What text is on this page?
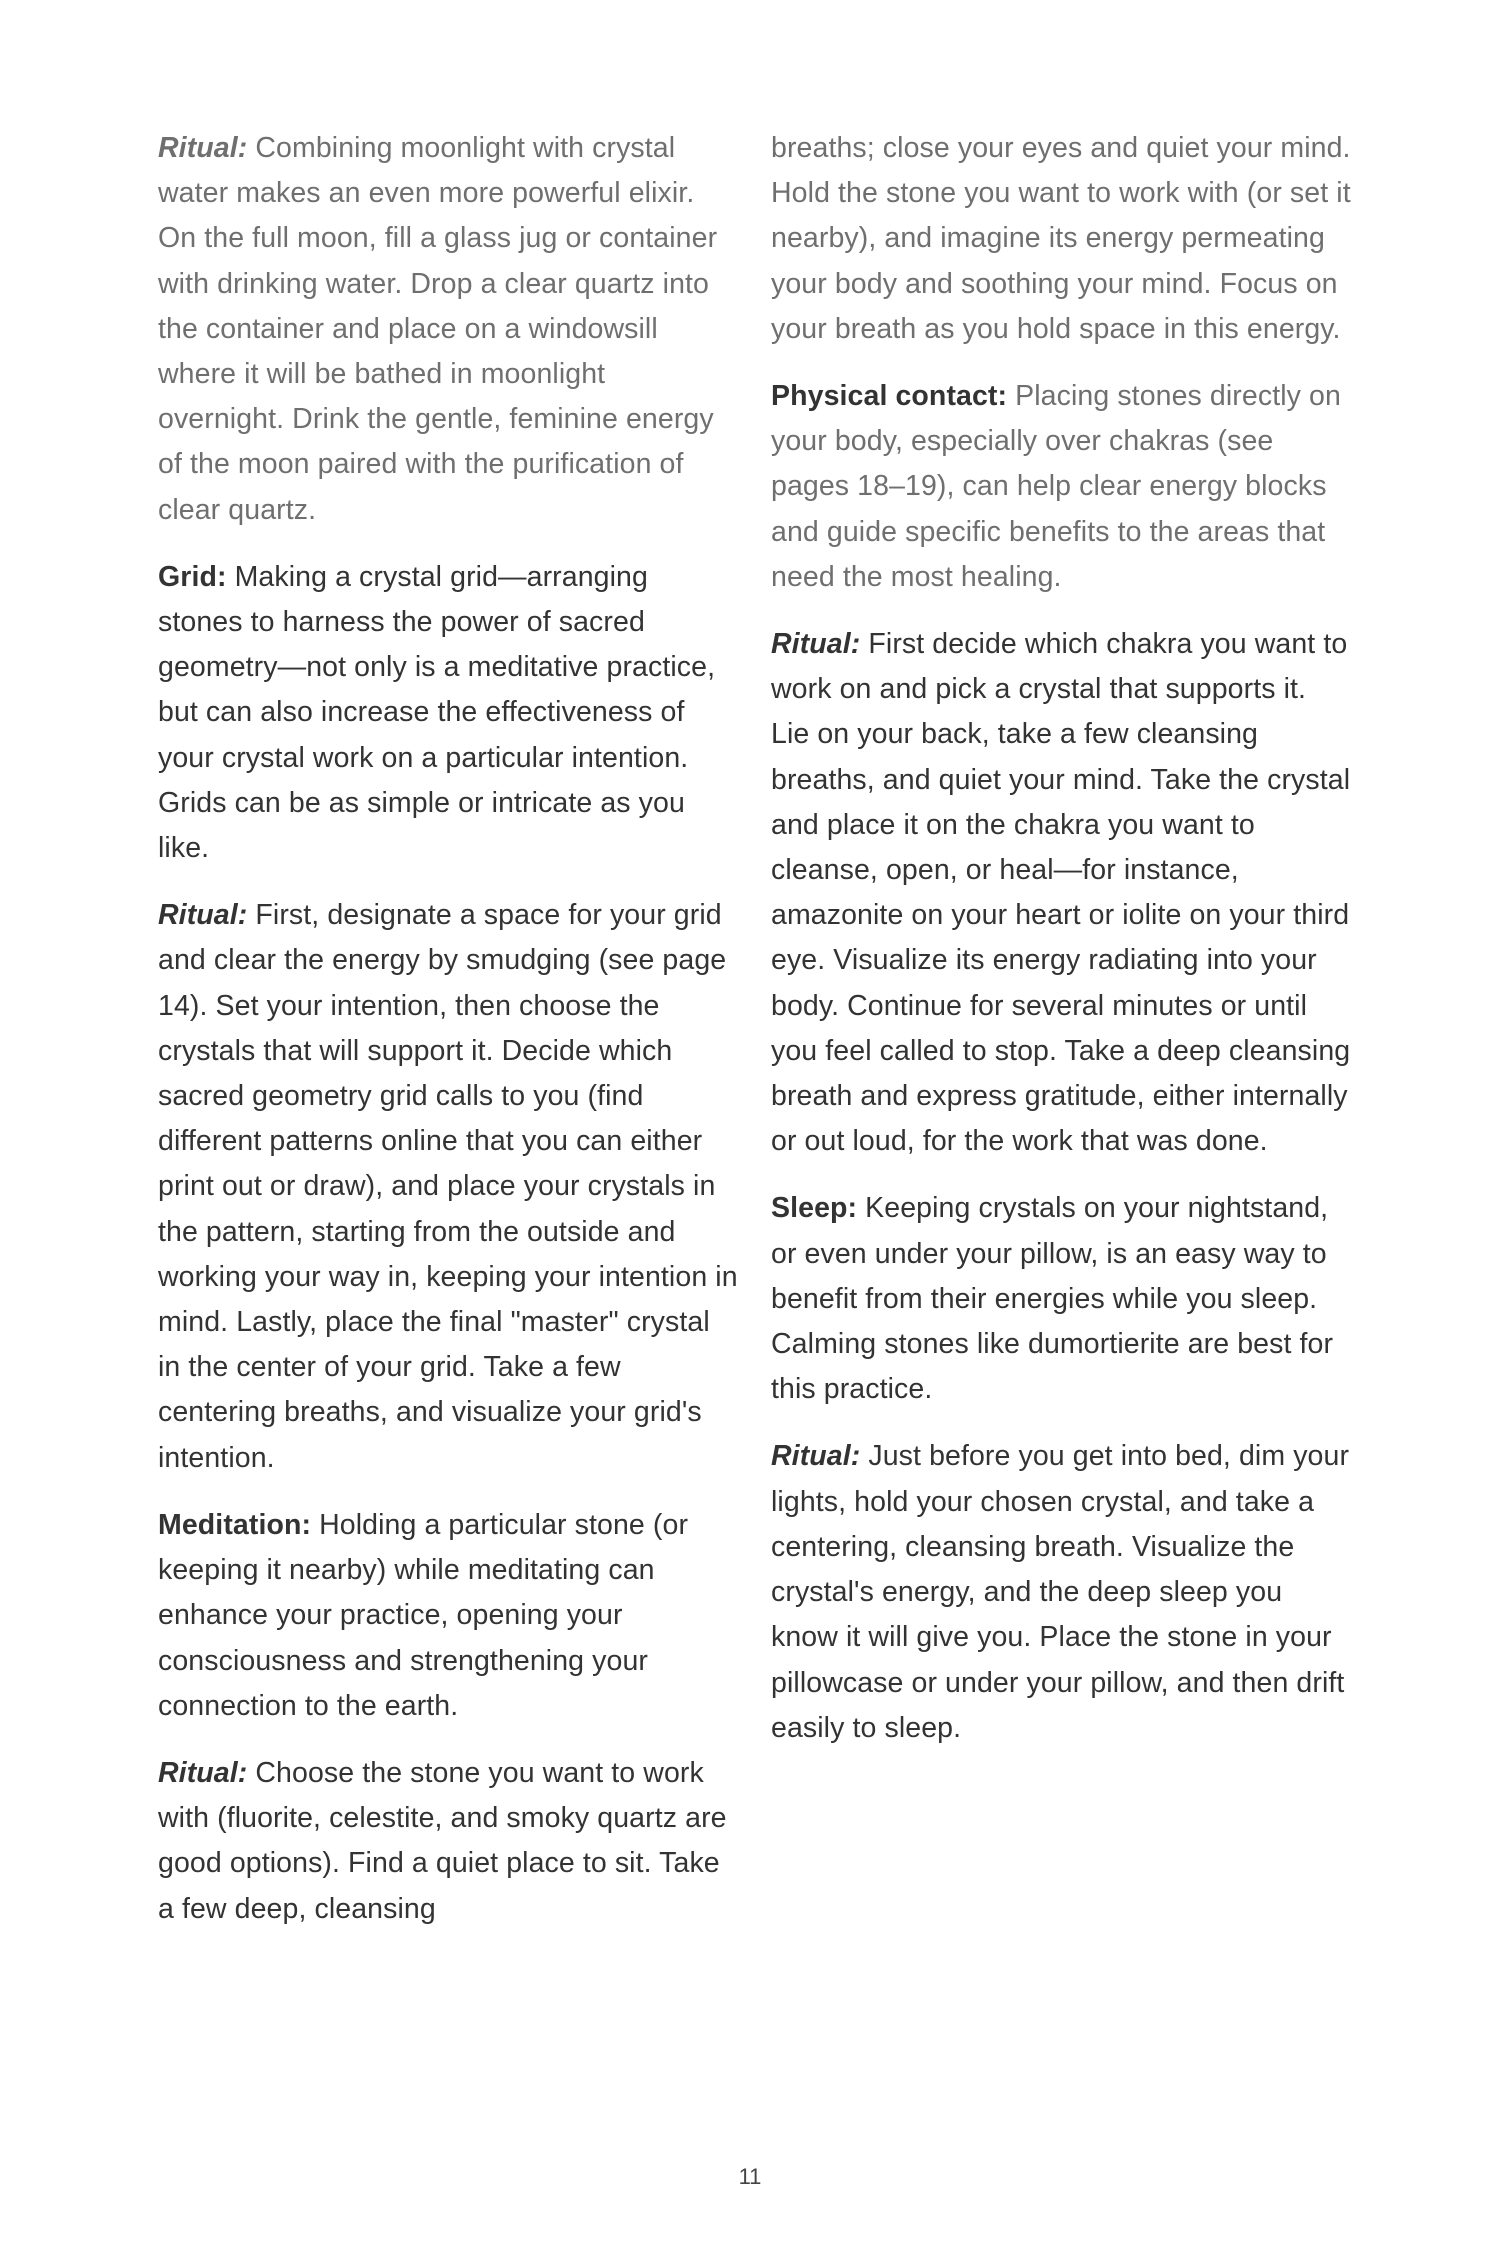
Ritual: Combining moonlight with crystal water makes an even more powerful elixir. On the full moon, fill a glass jug or container with drinking water. Drop a clear quartz into the container and place on a windowsill where it will be bathed in moonlight overnight. Drink the gentle, feminine energy of the moon paired with the purification of clear quartz.

Grid: Making a crystal grid—arranging stones to harness the power of sacred geometry—not only is a meditative practice, but can also increase the effectiveness of your crystal work on a particular intention. Grids can be as simple or intricate as you like.

Ritual: First, designate a space for your grid and clear the energy by smudging (see page 14). Set your intention, then choose the crystals that will support it. Decide which sacred geometry grid calls to you (find different patterns online that you can either print out or draw), and place your crystals in the pattern, starting from the outside and working your way in, keeping your intention in mind. Lastly, place the final "master" crystal in the center of your grid. Take a few centering breaths, and visualize your grid's intention.

Meditation: Holding a particular stone (or keeping it nearby) while meditating can enhance your practice, opening your consciousness and strengthening your connection to the earth.

Ritual: Choose the stone you want to work with (fluorite, celestite, and smoky quartz are good options). Find a quiet place to sit. Take a few deep, cleansing

breaths; close your eyes and quiet your mind. Hold the stone you want to work with (or set it nearby), and imagine its energy permeating your body and soothing your mind. Focus on your breath as you hold space in this energy.

Physical contact: Placing stones directly on your body, especially over chakras (see pages 18–19), can help clear energy blocks and guide specific benefits to the areas that need the most healing.

Ritual: First decide which chakra you want to work on and pick a crystal that supports it. Lie on your back, take a few cleansing breaths, and quiet your mind. Take the crystal and place it on the chakra you want to cleanse, open, or heal—for instance, amazonite on your heart or iolite on your third eye. Visualize its energy radiating into your body. Continue for several minutes or until you feel called to stop. Take a deep cleansing breath and express gratitude, either internally or out loud, for the work that was done.

Sleep: Keeping crystals on your nightstand, or even under your pillow, is an easy way to benefit from their energies while you sleep. Calming stones like dumortierite are best for this practice.

Ritual: Just before you get into bed, dim your lights, hold your chosen crystal, and take a centering, cleansing breath. Visualize the crystal's energy, and the deep sleep you know it will give you. Place the stone in your pillowcase or under your pillow, and then drift easily to sleep.

11
